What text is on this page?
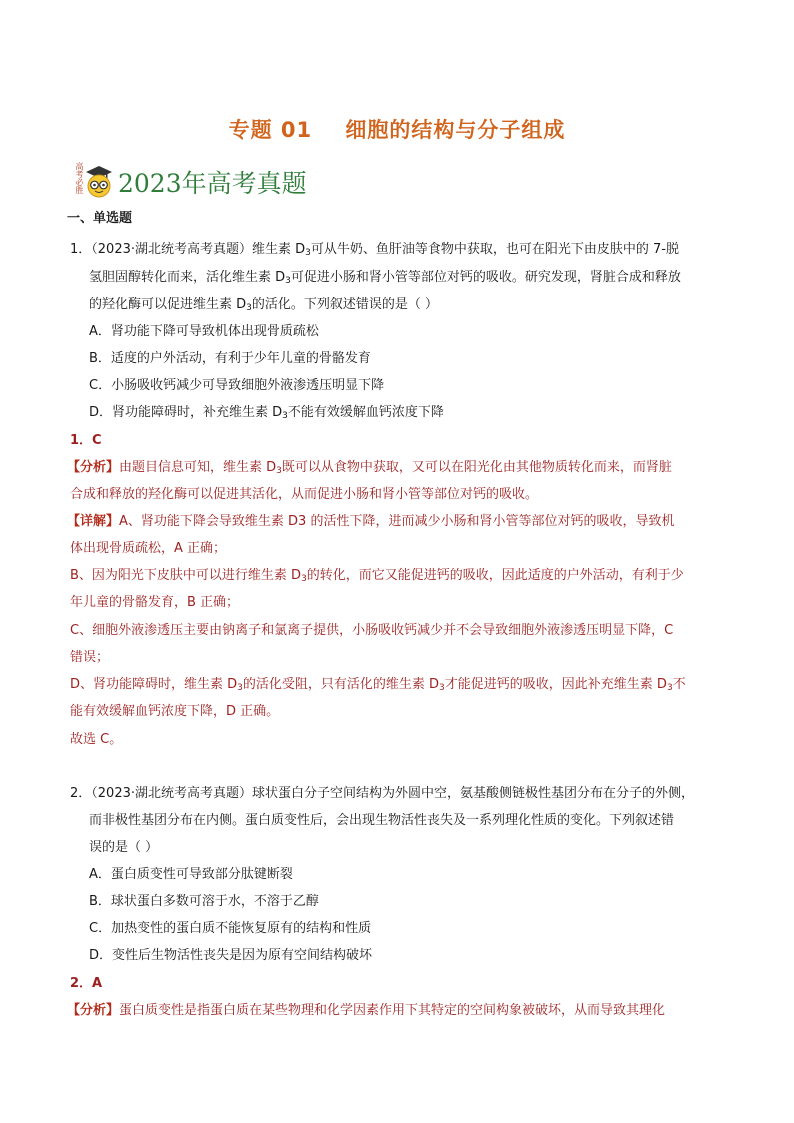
专题 01    细胞的结构与分子组成
高考必胜 2023年高考真题
一、单选题
1．（2023·湖北统考高考真题）维生素 $D_3$可从牛奶、鱼肝油等食物中获取，也可在阳光下由皮肤中的 7-脱
氢胆固醇转化而来，活化维生素 $D_3$可促进小肠和肾小管等部位对钙的吸收。研究发现，肾脏合成和释放
的羟化酶可以促进维生素 $D_3$的活化。下列叙述错误的是（ ）
A．肾功能下降可导致机体出现骨质疏松
B．适度的户外活动，有利于少年儿童的骨骼发育
C．小肠吸收钙减少可导致细胞外液渗透压明显下降
D．肾功能障碍时，补充维生素 $D_3$不能有效缓解血钙浓度下降
1．C
【分析】由题目信息可知，维生素 $D_3$既可以从食物中获取，又可以在阳光化由其他物质转化而来，而肾脏
合成和释放的羟化酶可以促进其活化，从而促进小肠和肾小管等部位对钙的吸收。
【详解】A、肾功能下降会导致维生素 D3 的活性下降，进而减少小肠和肾小管等部位对钙的吸收，导致机
体出现骨质疏松，A 正确；
B、因为阳光下皮肤中可以进行维生素 $D_3$的转化，而它又能促进钙的吸收，因此适度的户外活动，有利于少
年儿童的骨骼发育，B 正确；
C、细胞外液渗透压主要由钠离子和氯离子提供，小肠吸收钙减少并不会导致细胞外液渗透压明显下降，C
错误；
D、肾功能障碍时，维生素 $D_3$的活化受阻，只有活化的维生素 $D_3$才能促进钙的吸收，因此补充维生素 $D_3$不
能有效缓解血钙浓度下降，D 正确。
故选 C。
2．（2023·湖北统考高考真题）球状蛋白分子空间结构为外圆中空，氨基酸侧链极性基团分布在分子的外侧，
而非极性基团分布在内侧。蛋白质变性后，会出现生物活性丧失及一系列理化性质的变化。下列叙述错
误的是（ ）
A．蛋白质变性可导致部分肽键断裂
B．球状蛋白多数可溶于水，不溶于乙醇
C．加热变性的蛋白质不能恢复原有的结构和性质
D．变性后生物活性丧失是因为原有空间结构破坏
2．A
【分析】蛋白质变性是指蛋白质在某些物理和化学因素作用下其特定的空间构象被破坏，从而导致其理化
